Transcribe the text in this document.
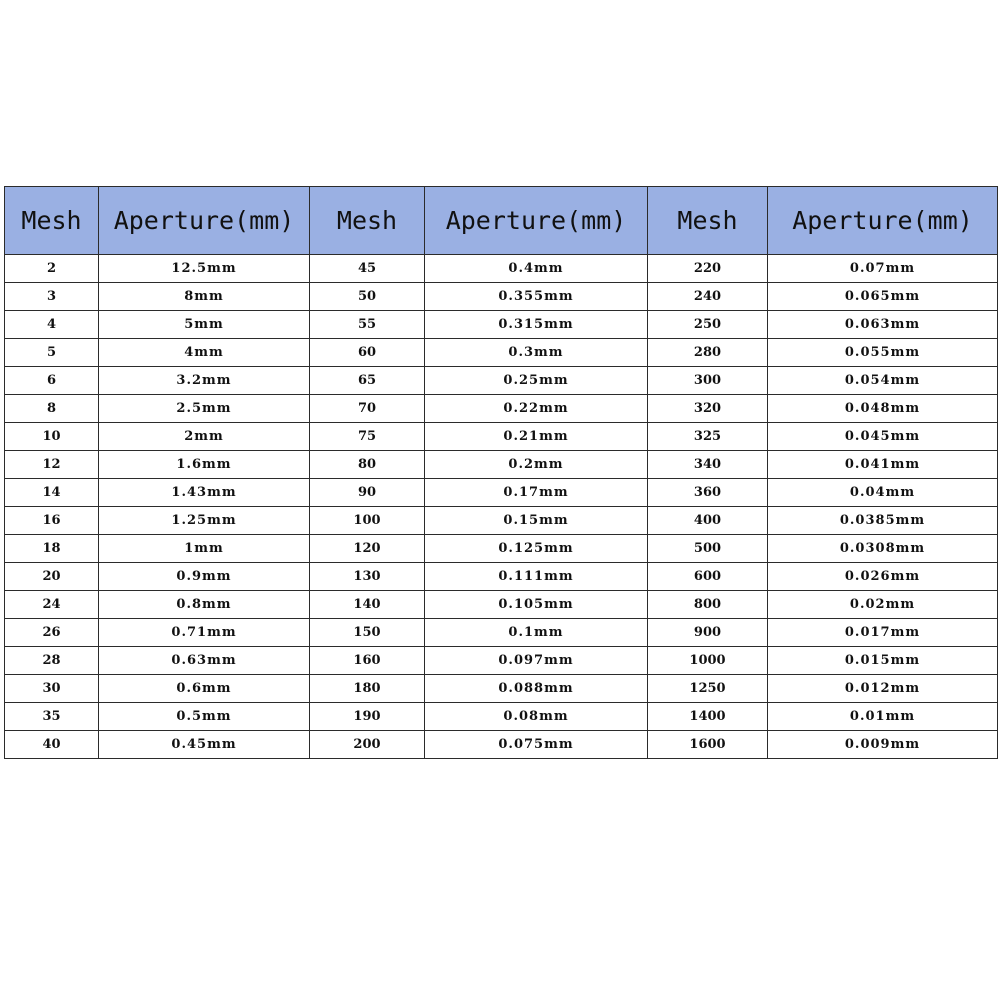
Mesh	Aperture(mm)	Mesh	Aperture(mm)	Mesh	Aperture(mm)
2	12.5mm	45	0.4mm	220	0.07mm
3	8mm	50	0.355mm	240	0.065mm
4	5mm	55	0.315mm	250	0.063mm
5	4mm	60	0.3mm	280	0.055mm
6	3.2mm	65	0.25mm	300	0.054mm
8	2.5mm	70	0.22mm	320	0.048mm
10	2mm	75	0.21mm	325	0.045mm
12	1.6mm	80	0.2mm	340	0.041mm
14	1.43mm	90	0.17mm	360	0.04mm
16	1.25mm	100	0.15mm	400	0.0385mm
18	1mm	120	0.125mm	500	0.0308mm
20	0.9mm	130	0.111mm	600	0.026mm
24	0.8mm	140	0.105mm	800	0.02mm
26	0.71mm	150	0.1mm	900	0.017mm
28	0.63mm	160	0.097mm	1000	0.015mm
30	0.6mm	180	0.088mm	1250	0.012mm
35	0.5mm	190	0.08mm	1400	0.01mm
40	0.45mm	200	0.075mm	1600	0.009mm
